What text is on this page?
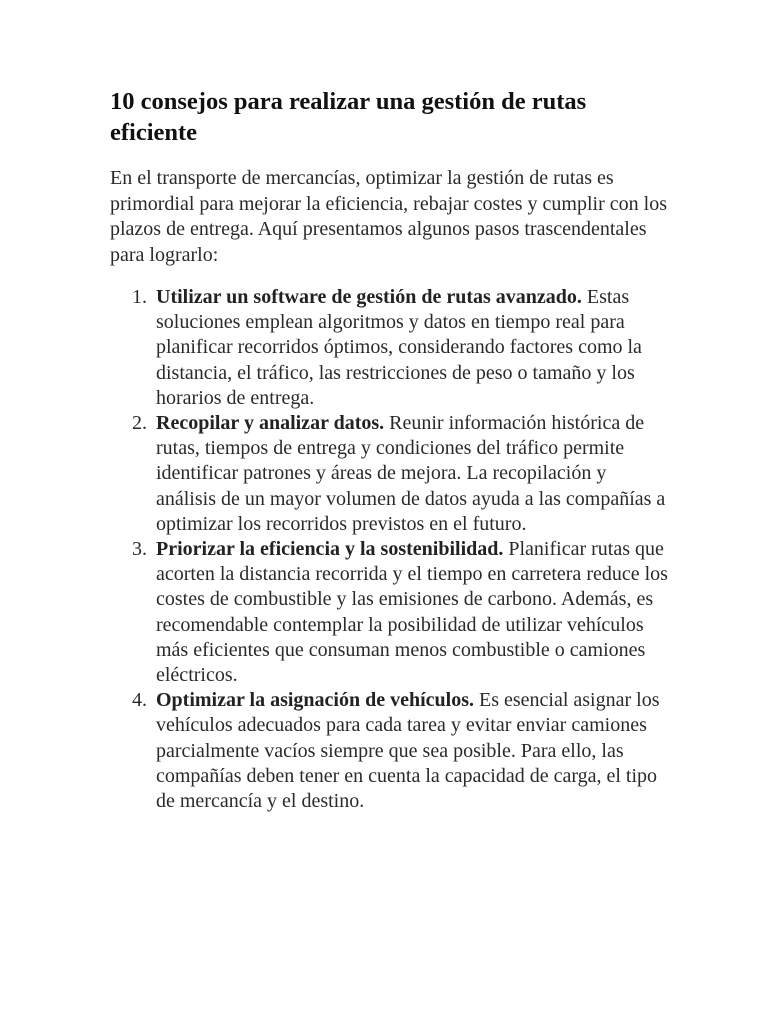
10 consejos para realizar una gestión de rutas eficiente

En el transporte de mercancías, optimizar la gestión de rutas es primordial para mejorar la eficiencia, rebajar costes y cumplir con los plazos de entrega. Aquí presentamos algunos pasos trascendentales para lograrlo:

1. Utilizar un software de gestión de rutas avanzado. Estas soluciones emplean algoritmos y datos en tiempo real para planificar recorridos óptimos, considerando factores como la distancia, el tráfico, las restricciones de peso o tamaño y los horarios de entrega.
2. Recopilar y analizar datos. Reunir información histórica de rutas, tiempos de entrega y condiciones del tráfico permite identificar patrones y áreas de mejora. La recopilación y análisis de un mayor volumen de datos ayuda a las compañías a optimizar los recorridos previstos en el futuro.
3. Priorizar la eficiencia y la sostenibilidad. Planificar rutas que acorten la distancia recorrida y el tiempo en carretera reduce los costes de combustible y las emisiones de carbono. Además, es recomendable contemplar la posibilidad de utilizar vehículos más eficientes que consuman menos combustible o camiones eléctricos.
4. Optimizar la asignación de vehículos. Es esencial asignar los vehículos adecuados para cada tarea y evitar enviar camiones parcialmente vacíos siempre que sea posible. Para ello, las compañías deben tener en cuenta la capacidad de carga, el tipo de mercancía y el destino.
